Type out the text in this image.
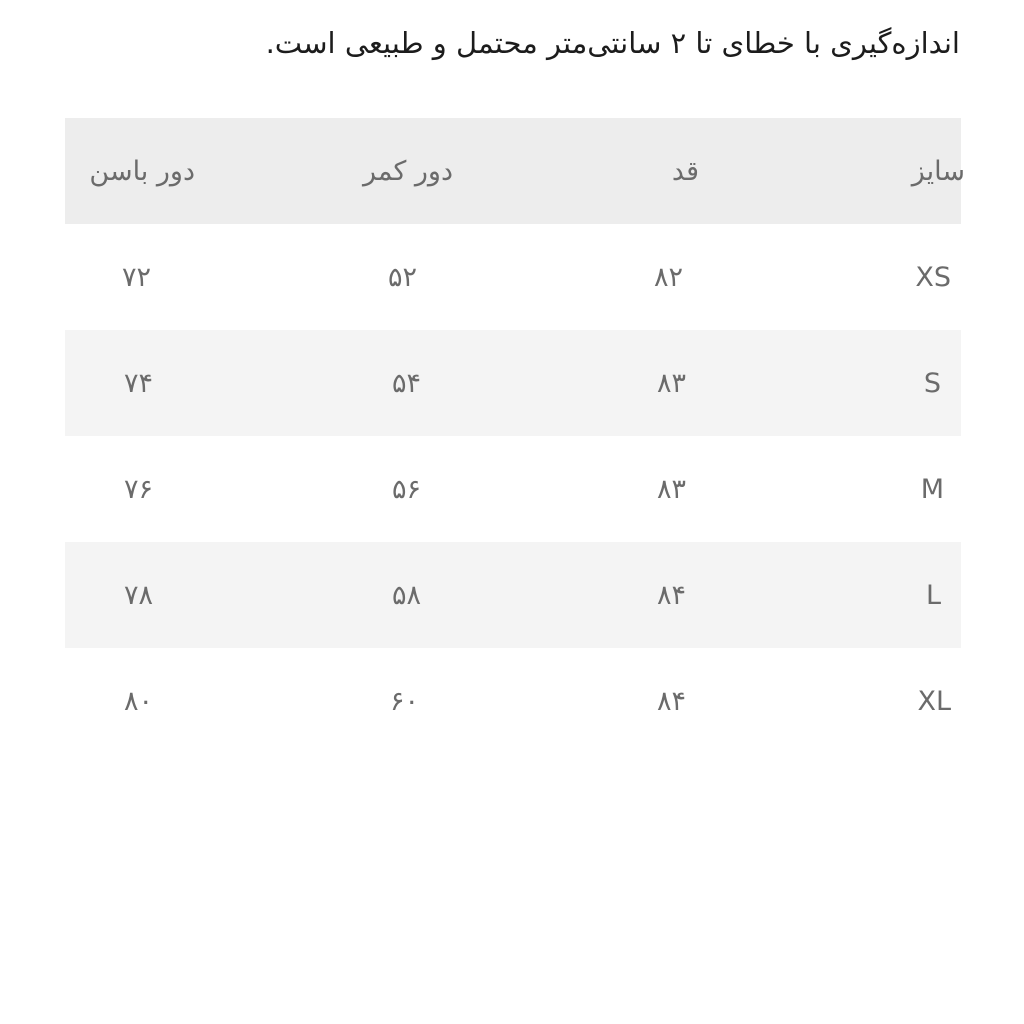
اندازه‌گیری با خطای تا ۲ سانتی‌متر محتمل و طبیعی است.
سایز
قد
دور کمر
دور باسن
XS
۸۲
۵۲
۷۲
S
۸۳
۵۴
۷۴
M
۸۳
۵۶
۷۶
L
۸۴
۵۸
۷۸
XL
۸۴
۶۰
۸۰
